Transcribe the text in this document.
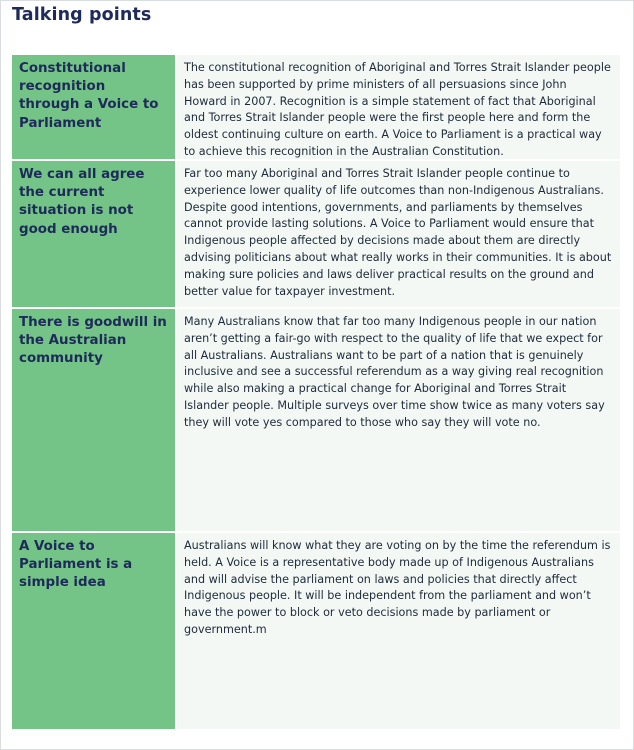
Talking points
Constitutional recognition through a Voice to Parliament
The constitutional recognition of Aboriginal and Torres Strait Islander people has been supported by prime ministers of all persuasions since John Howard in 2007. Recognition is a simple statement of fact that Aboriginal and Torres Strait Islander people were the first people here and form the oldest continuing culture on earth. A Voice to Parliament is a practical way to achieve this recognition in the Australian Constitution.
We can all agree the current situation is not good enough
Far too many Aboriginal and Torres Strait Islander people continue to experience lower quality of life outcomes than non-Indigenous Australians. Despite good intentions, governments, and parliaments by themselves cannot provide lasting solutions. A Voice to Parliament would ensure that Indigenous people affected by decisions made about them are directly advising politicians about what really works in their communities. It is about making sure policies and laws deliver practical results on the ground and better value for taxpayer investment.
There is goodwill in the Australian community
Many Australians know that far too many Indigenous people in our nation aren’t getting a fair-go with respect to the quality of life that we expect for all Australians. Australians want to be part of a nation that is genuinely inclusive and see a successful referendum as a way giving real recognition while also making a practical change for Aboriginal and Torres Strait Islander people. Multiple surveys over time show twice as many voters say they will vote yes compared to those who say they will vote no.
A Voice to Parliament is a simple idea
Australians will know what they are voting on by the time the referendum is held. A Voice is a representative body made up of Indigenous Australians and will advise the parliament on laws and policies that directly affect Indigenous people. It will be independent from the parliament and won’t have the power to block or veto decisions made by parliament or government.m
